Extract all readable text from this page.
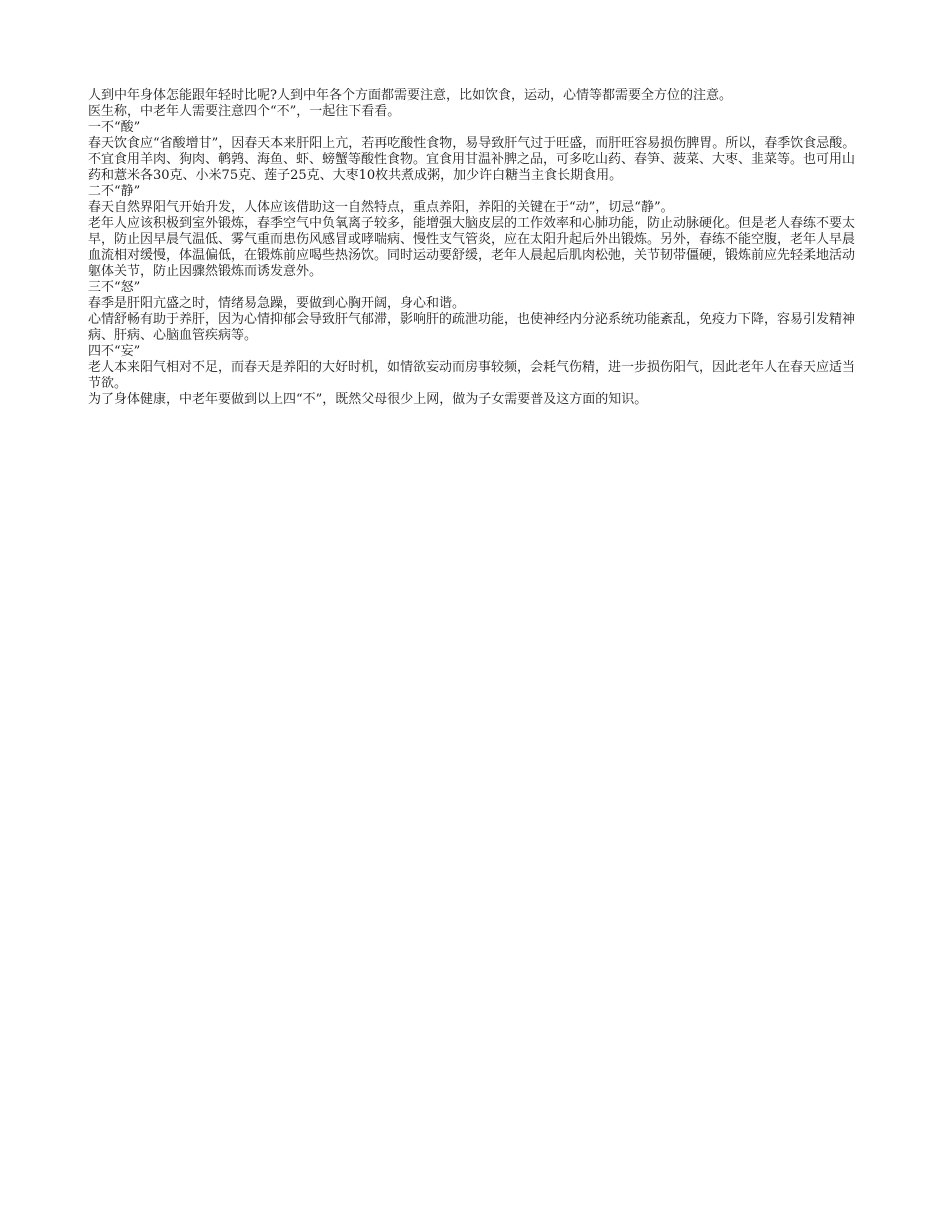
人到中年身体怎能跟年轻时比呢?人到中年各个方面都需要注意，比如饮食，运动，心情等都需要全方位的注意。

医生称，中老年人需要注意四个“不”，一起往下看看。

一不“酸”

春天饮食应“省酸增甘”，因春天本来肝阳上亢，若再吃酸性食物，易导致肝气过于旺盛，而肝旺容易损伤脾胃。所以，春季饮食忌酸。

不宜食用羊肉、狗肉、鹌鹑、海鱼、虾、螃蟹等酸性食物。宜食用甘温补脾之品，可多吃山药、春笋、菠菜、大枣、韭菜等。也可用山药和薏米各30克、小米75克、莲子25克、大枣10枚共煮成粥，加少许白糖当主食长期食用。

二不“静”

春天自然界阳气开始升发，人体应该借助这一自然特点，重点养阳，养阳的关键在于“动”，切忌“静”。

老年人应该积极到室外锻炼，春季空气中负氧离子较多，能增强大脑皮层的工作效率和心肺功能，防止动脉硬化。但是老人春练不要太早，防止因早晨气温低、雾气重而患伤风感冒或哮喘病、慢性支气管炎，应在太阳升起后外出锻炼。另外，春练不能空腹，老年人早晨血流相对缓慢，体温偏低，在锻炼前应喝些热汤饮。同时运动要舒缓，老年人晨起后肌肉松弛，关节韧带僵硬，锻炼前应先轻柔地活动躯体关节，防止因骤然锻炼而诱发意外。

三不“怒”

春季是肝阳亢盛之时，情绪易急躁，要做到心胸开阔，身心和谐。

心情舒畅有助于养肝，因为心情抑郁会导致肝气郁滞，影响肝的疏泄功能，也使神经内分泌系统功能紊乱，免疫力下降，容易引发精神病、肝病、心脑血管疾病等。

四不“妄”

老人本来阳气相对不足，而春天是养阳的大好时机，如情欲妄动而房事较频，会耗气伤精，进一步损伤阳气，因此老年人在春天应适当节欲。

为了身体健康，中老年要做到以上四“不”，既然父母很少上网，做为子女需要普及这方面的知识。
